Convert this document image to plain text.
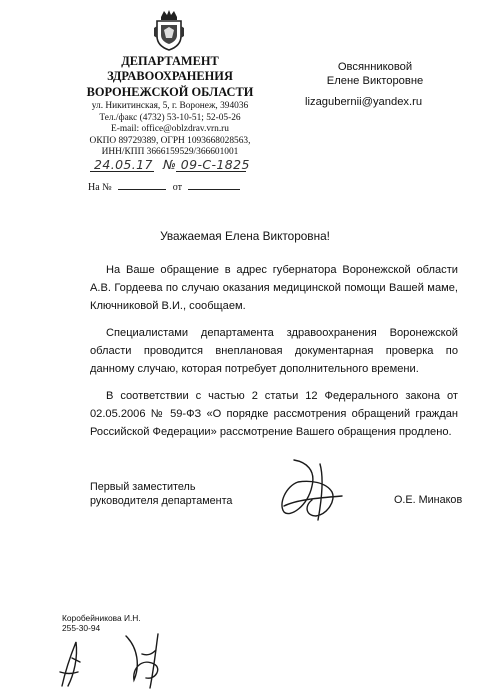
ДЕПАРТАМЕНТ
ЗДРАВООХРАНЕНИЯ
ВОРОНЕЖСКОЙ ОБЛАСТИ
ул. Никитинская, 5, г. Воронеж, 394036
Тел./факс (4732) 53-10-51; 52-05-26
E-mail: office@oblzdrav.vrn.ru
ОКПО 89729389, ОГРН 1093668028563,
ИНН/КПП 3666159529/366601001
Овсянниковой
Елене Викторовне
lizagubernii@yandex.ru
24.05.17 № 09-С-1825
На №	от
Уважаемая Елена Викторовна!

На Ваше обращение в адрес губернатора Воронежской области А.В. Гордеева по случаю оказания медицинской помощи Вашей маме, Ключниковой В.И., сообщаем.

Специалистами департамента здравоохранения Воронежской области проводится внеплановая документарная проверка по данному случаю, которая потребует дополнительного времени.

В соответствии с частью 2 статьи 12 Федерального закона от 02.05.2006 № 59-ФЗ «О порядке рассмотрения обращений граждан Российской Федерации» рассмотрение Вашего обращения продлено.

Первый заместитель
руководителя департамента	О.Е. Минаков
Коробейникова И.Н.
255-30-94
